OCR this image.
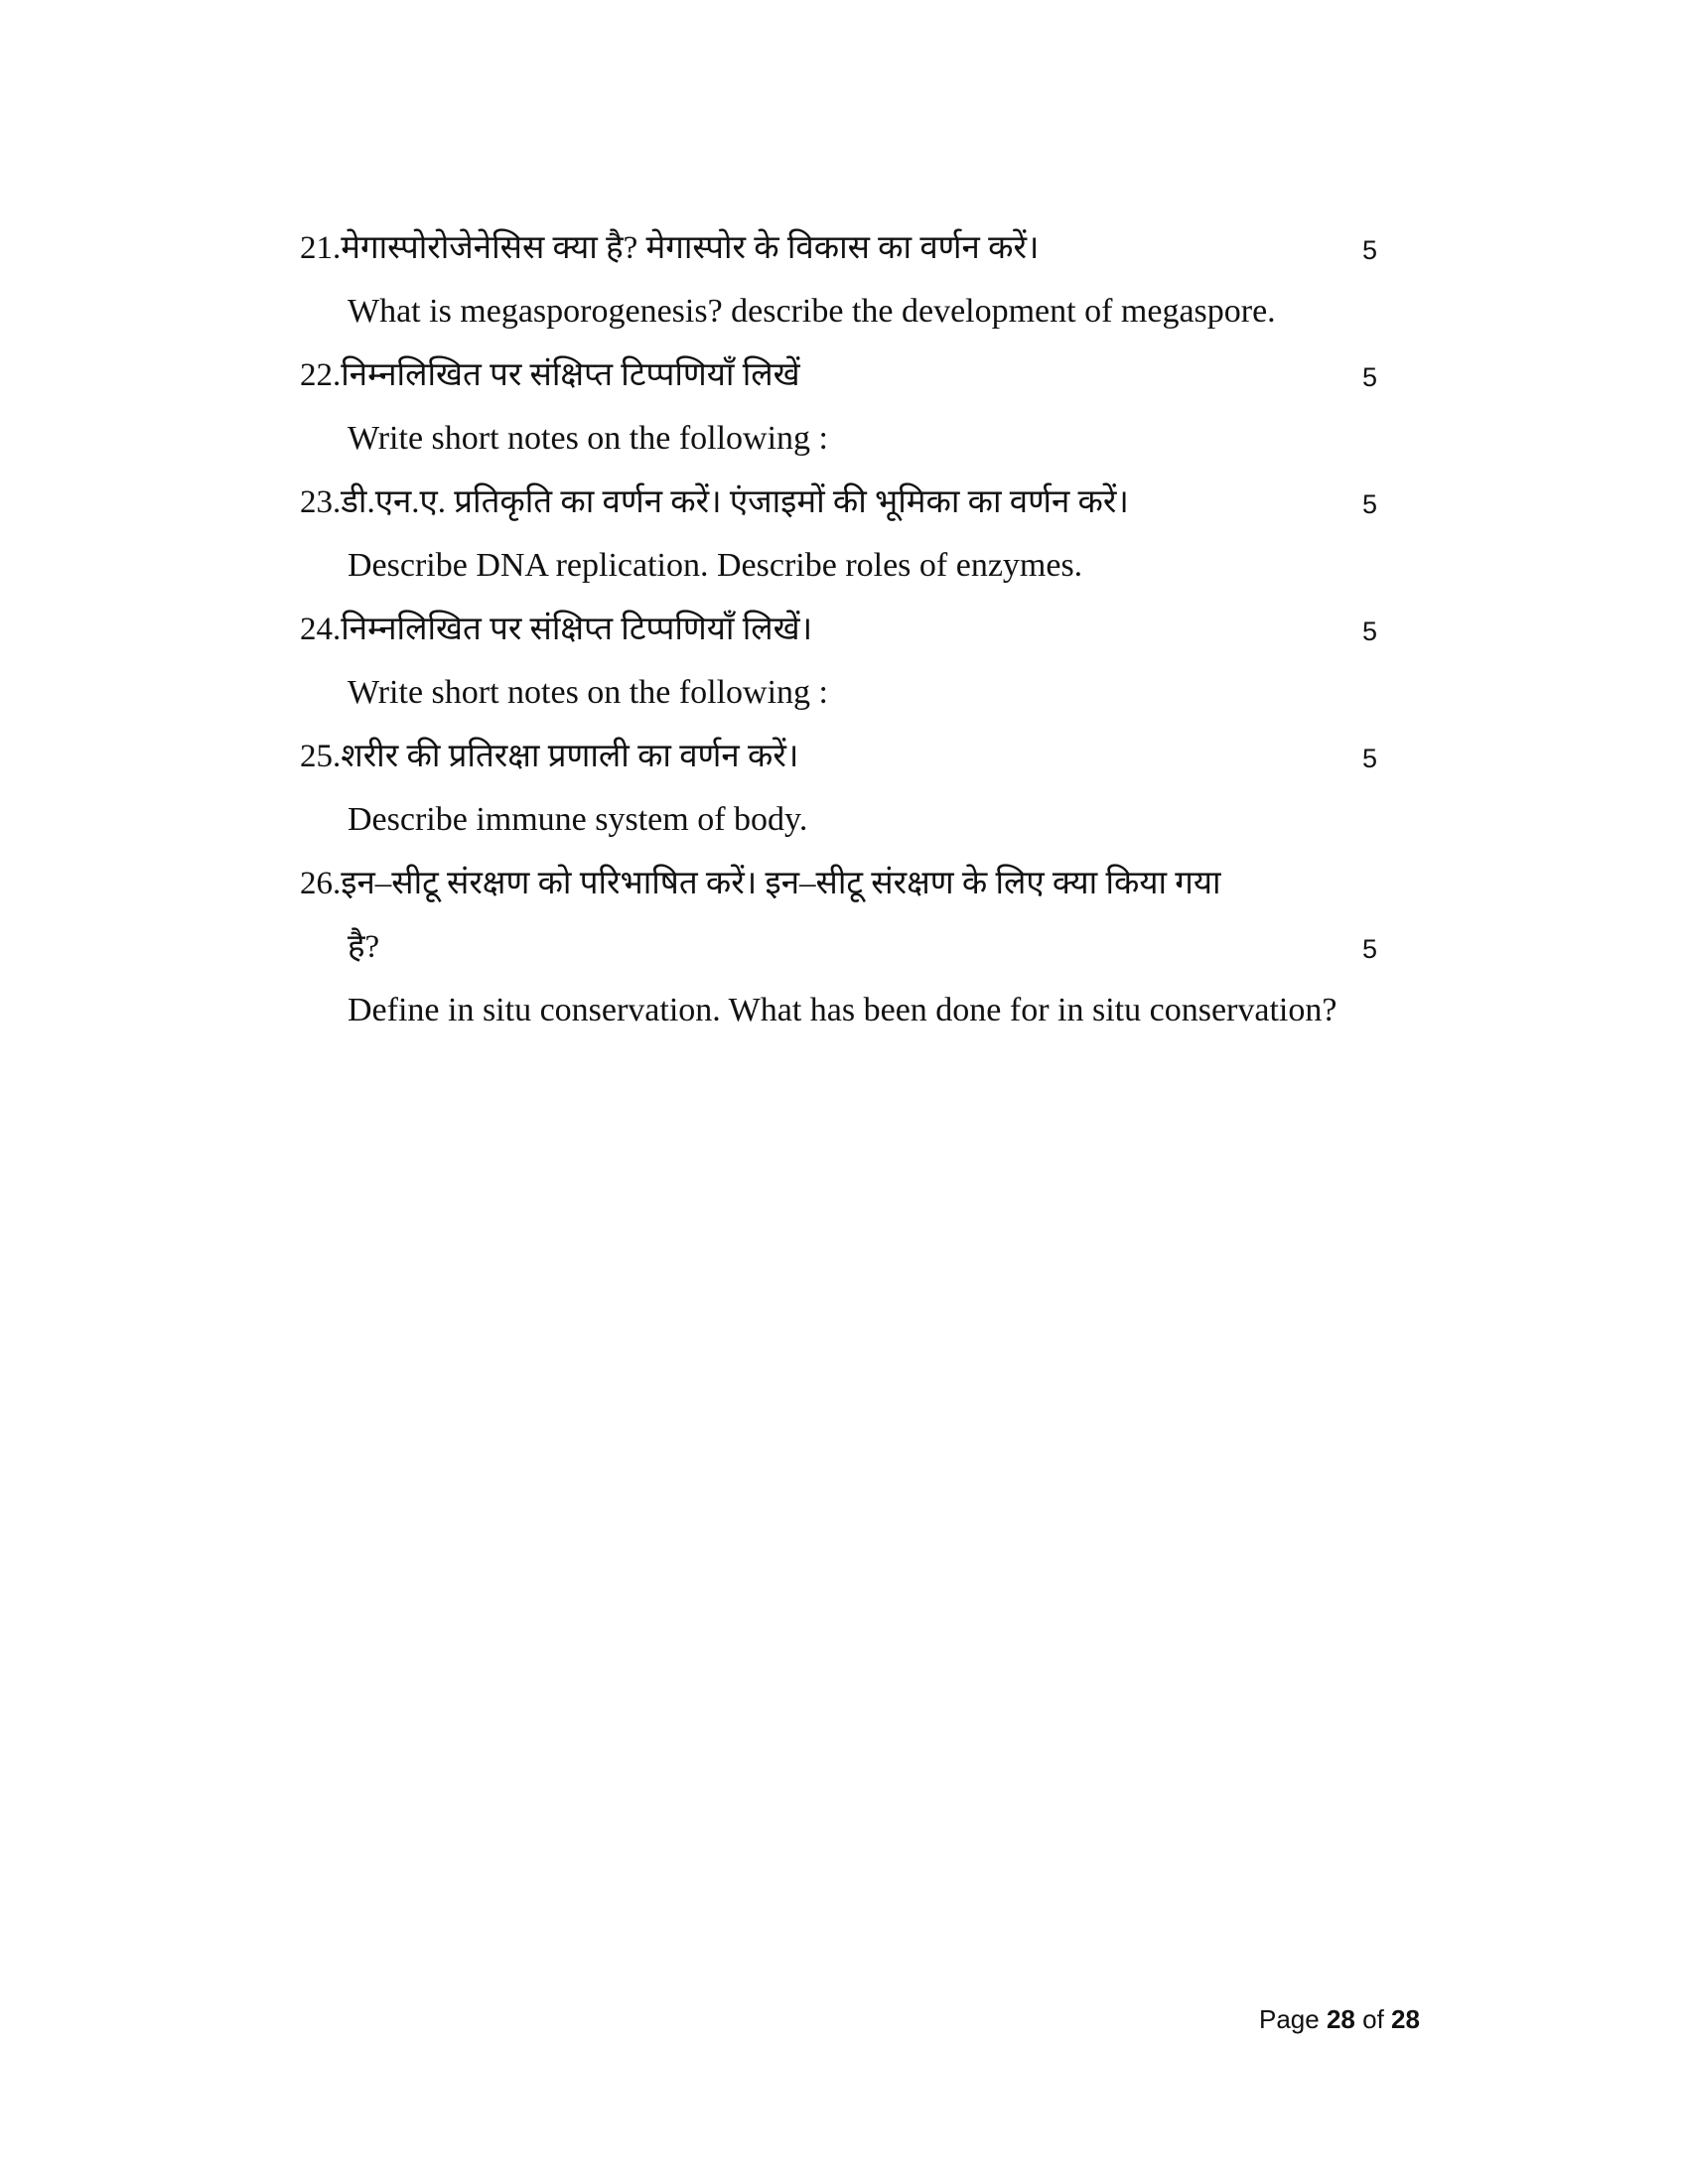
21.मेगास्पोरोजेनेसिस क्या है? मेगास्पोर के विकास का वर्णन करें।	5
What is megasporogenesis? describe the development of megaspore.
22.निम्नलिखित पर संक्षिप्त टिप्पणियाँ लिखें	5
Write short notes on the following :
23.डी.एन.ए. प्रतिकृति का वर्णन करें। एंजाइमों की भूमिका का वर्णन करें।	5
Describe DNA replication. Describe roles of enzymes.
24.निम्नलिखित पर संक्षिप्त टिप्पणियाँ लिखें।	5
Write short notes on the following :
25.शरीर की प्रतिरक्षा प्रणाली का वर्णन करें।	5
Describe immune system of body.
26.इन–सीटू संरक्षण को परिभाषित करें। इन–सीटू संरक्षण के लिए क्या किया गया
है?	5
Define in situ conservation. What has been done for in situ conservation?
Page 28 of 28
